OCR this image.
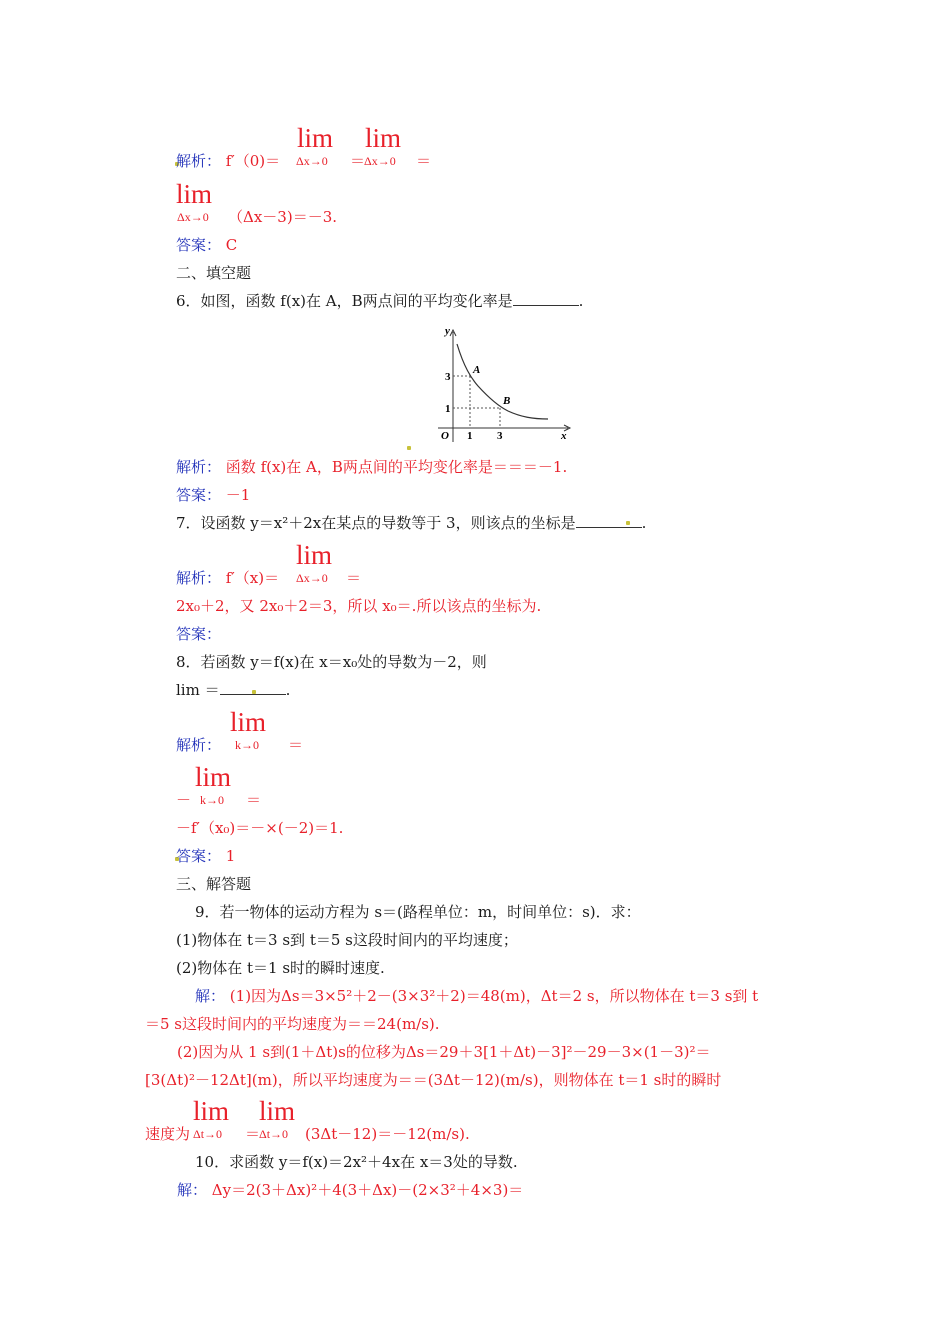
lim lim
解析： f′（0)＝ Δx→0 ＝
Δx→0 ＝
lim
Δx→0 （Δx－3)＝－3.
答案： C
二、填空题
6．如图，函数 f(x)在 A，B两点间的平均变化率是	.
y
x
O
3
1
1 3
A
B
解析： 函数 f(x)在 A，B两点间的平均变化率是＝＝＝－1.
答案： －1
7．设函数 y＝x²＋2x在某点的导数等于 3，则该点的坐标是	.
lim
解析： f′（x)＝ Δx→0 ＝
2x₀＋2，又 2x₀＋2＝3，所以 x₀＝.所以该点的坐标为.
答案：
8．若函数 y＝f(x)在 x＝x₀处的导数为－2，则
lim ＝	.
lim
解析： k→0 ＝
lim
－ k→0 ＝
－f′（x₀)＝－×(－2)＝1.
答案： 1
三、解答题
9．若一物体的运动方程为 s＝(路程单位：m，时间单位：s)．求：
(1)物体在 t＝3 s到 t＝5 s这段时间内的平均速度；
(2)物体在 t＝1 s时的瞬时速度.
解： (1)因为Δs＝3×5²＋2－(3×3²＋2)＝48(m)，Δt＝2 s，所以物体在 t＝3 s到 t
＝5 s这段时间内的平均速度为＝＝24(m/s).
(2)因为从 1 s到(1＋Δt)s的位移为Δs＝29＋3[1＋Δt)－3]²－29－3×(1－3)²＝
[3(Δt)²－12Δt](m)，所以平均速度为＝＝(3Δt－12)(m/s)，则物体在 t＝1 s时的瞬时
lim lim
速度为 Δt→0 ＝
Δt→0 (3Δt－12)＝－12(m/s).
10．求函数 y＝f(x)＝2x²＋4x在 x＝3处的导数.
解： Δy＝2(3＋Δx)²＋4(3＋Δx)－(2×3²＋4×3)＝
